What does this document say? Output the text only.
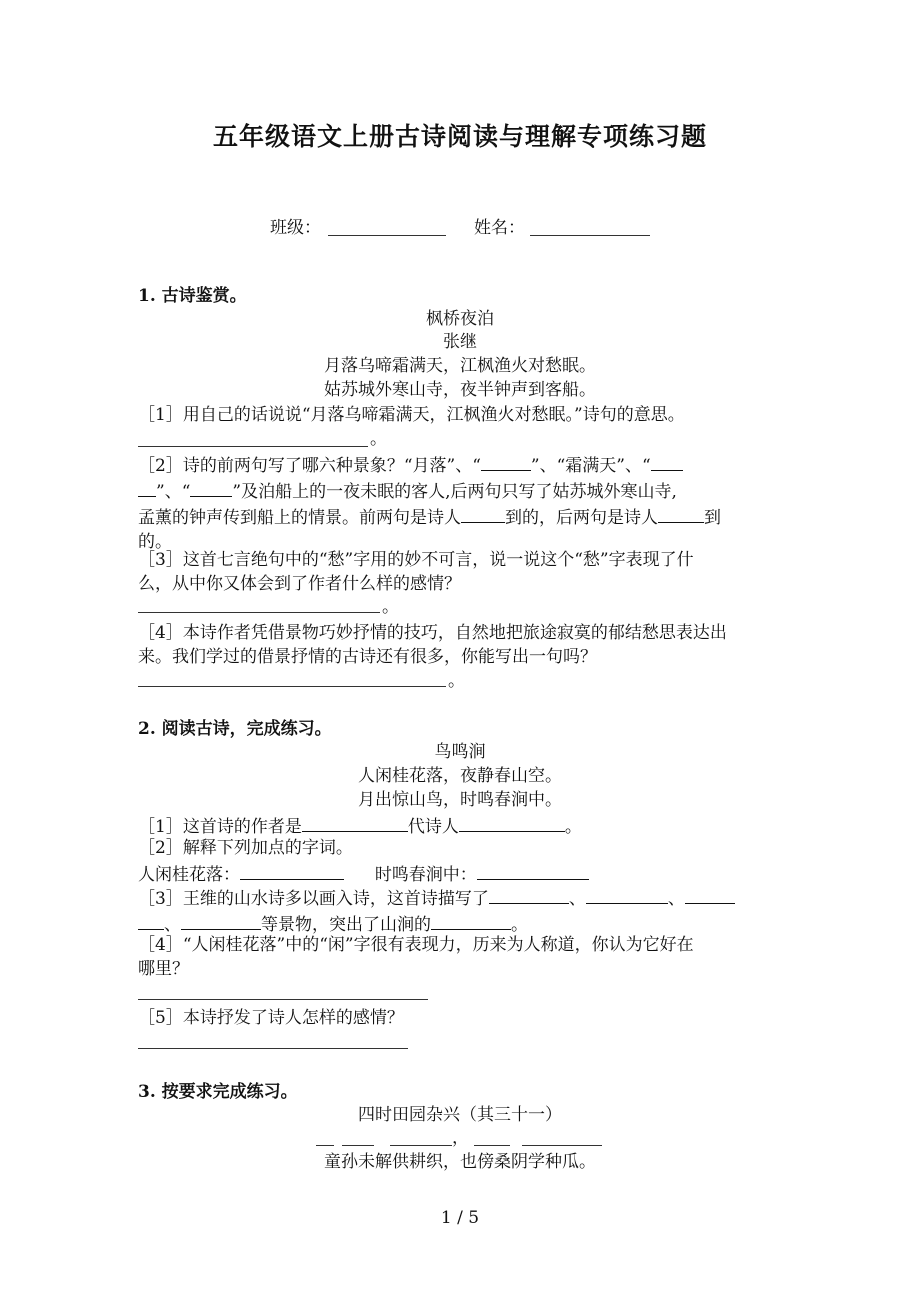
五年级语文上册古诗阅读与理解专项练习题
班级：	姓名：
1. 古诗鉴赏。
枫桥夜泊
张继
月落乌啼霜满天，江枫渔火对愁眠。
姑苏城外寒山寺，夜半钟声到客船。
［1］用自己的话说说“月落乌啼霜满天，江枫渔火对愁眠。”诗句的意思。
。
［2］诗的前两句写了哪六种景象？“月落”、“	”、“霜满天”、“
”、“ ”及泊船上的一夜未眠的客人,后两句只写了姑苏城外寒山寺,
孟薰的钟声传到船上的情景。前两句是诗人	到的，后两句是诗人	到
的。
［3］这首七言绝句中的“愁”字用的妙不可言，说一说这个“愁”字表现了什
么，从中你又体会到了作者什么样的感情？
。
［4］本诗作者凭借景物巧妙抒情的技巧，自然地把旅途寂寞的郁结愁思表达出
来。我们学过的借景抒情的古诗还有很多，你能写出一句吗？
。
2. 阅读古诗，完成练习。
鸟鸣涧
人闲桂花落，夜静春山空。
月出惊山鸟，时鸣春涧中。
［1］这首诗的作者是	代诗人	。
［2］解释下列加点的字词。
人闲桂花落：	时鸣春涧中：
［3］王维的山水诗多以画入诗，这首诗描写了	、	、
、	等景物，突出了山涧的	。
［4］“人闲桂花落”中的“闲”字很有表现力，历来为人称道，你认为它好在
哪里？
［5］本诗抒发了诗人怎样的感情？
3. 按要求完成练习。
四时田园杂兴（其三十一）
，
童孙未解供耕织，也傍桑阴学种瓜。
1 / 5
